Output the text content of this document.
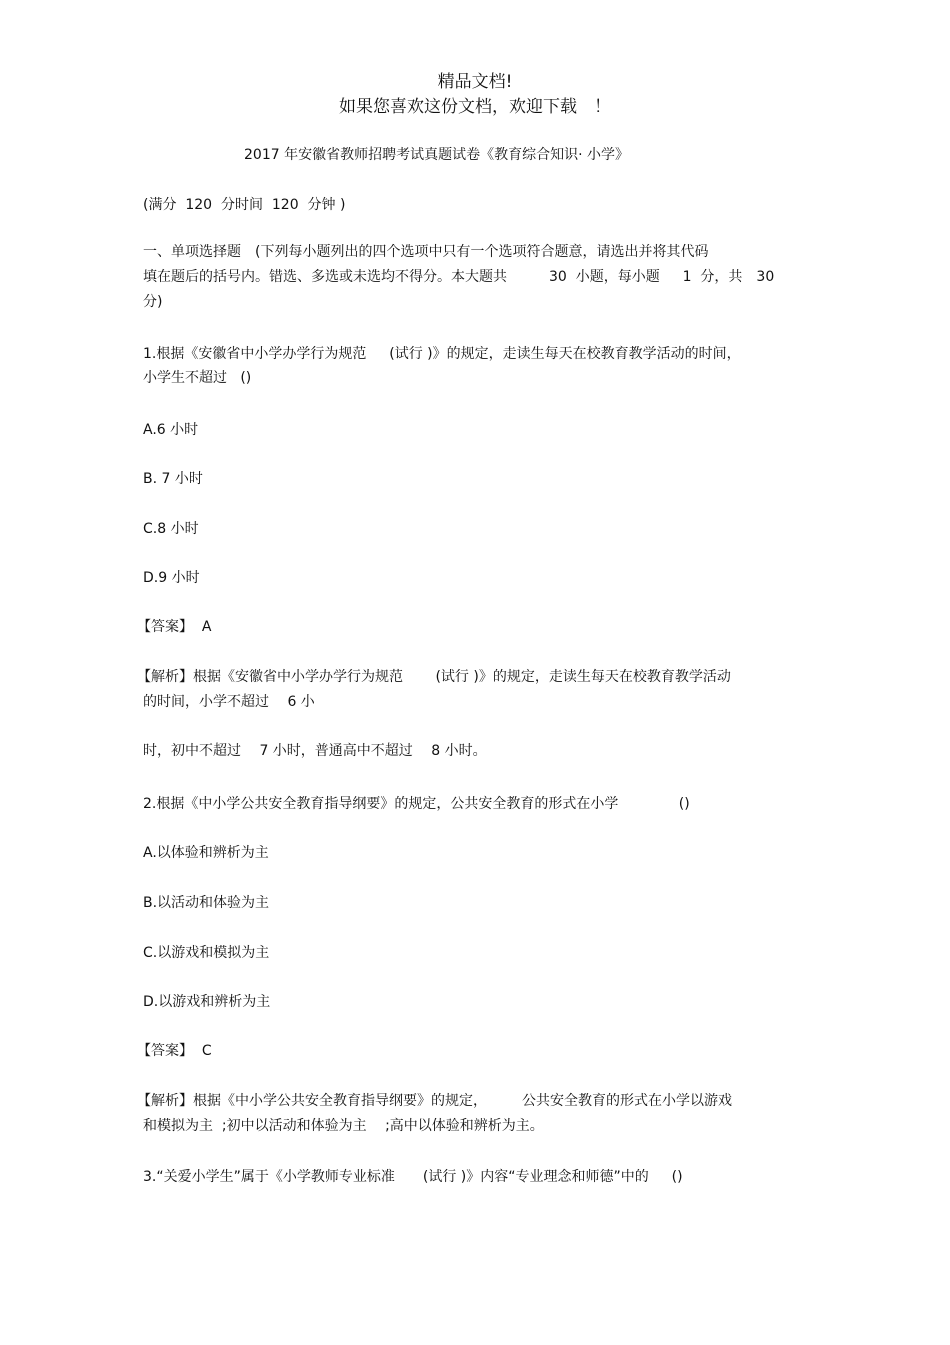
精品文档!
如果您喜欢这份文档，欢迎下载　！
2017 年安徽省教师招聘考试真题试卷《教育综合知识· 小学》
(满分  120  分时间  120  分钟 )
一、单项选择题　(下列每小题列出的四个选项中只有一个选项符合题意，请选出并将其代码
填在题后的括号内。错选、多选或未选均不得分。本大题共　　　30  小题，每小题　  1  分，共　30
分)
1.根据《安徽省中小学办学行为规范　  (试行 )》的规定，走读生每天在校教育教学活动的时间，
小学生不超过   ()
A.6 小时
B. 7 小时
C.8 小时
D.9 小时
【答案】  A
【解析】根据《安徽省中小学办学行为规范　　 (试行 )》的规定，走读生每天在校教育教学活动
的时间，小学不超过　 6 小
时，初中不超过　 7 小时，普通高中不超过　 8 小时。
2.根据《中小学公共安全教育指导纲要》的规定，公共安全教育的形式在小学　　　　 ()
A.以体验和辨析为主
B.以活动和体验为主
C.以游戏和模拟为主
D.以游戏和辨析为主
【答案】  C
【解析】根据《中小学公共安全教育指导纲要》的规定，　　　公共安全教育的形式在小学以游戏
和模拟为主  ;初中以活动和体验为主　 ;高中以体验和辨析为主。
3.“关爱小学生”属于《小学教师专业标准　　(试行 )》内容“专业理念和师德”中的　  ()
